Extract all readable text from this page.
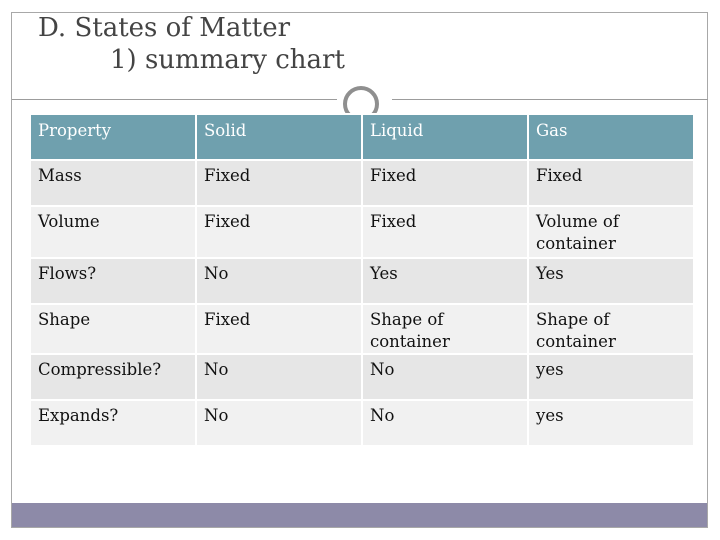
D. States of Matter
1) summary chart
Property	Solid	Liquid	Gas
Mass	Fixed	Fixed	Fixed
Volume	Fixed	Fixed	Volume of container
Flows?	No	Yes	Yes
Shape	Fixed	Shape of container	Shape of container
Compressible?	No	No	yes
Expands?	No	No	yes
